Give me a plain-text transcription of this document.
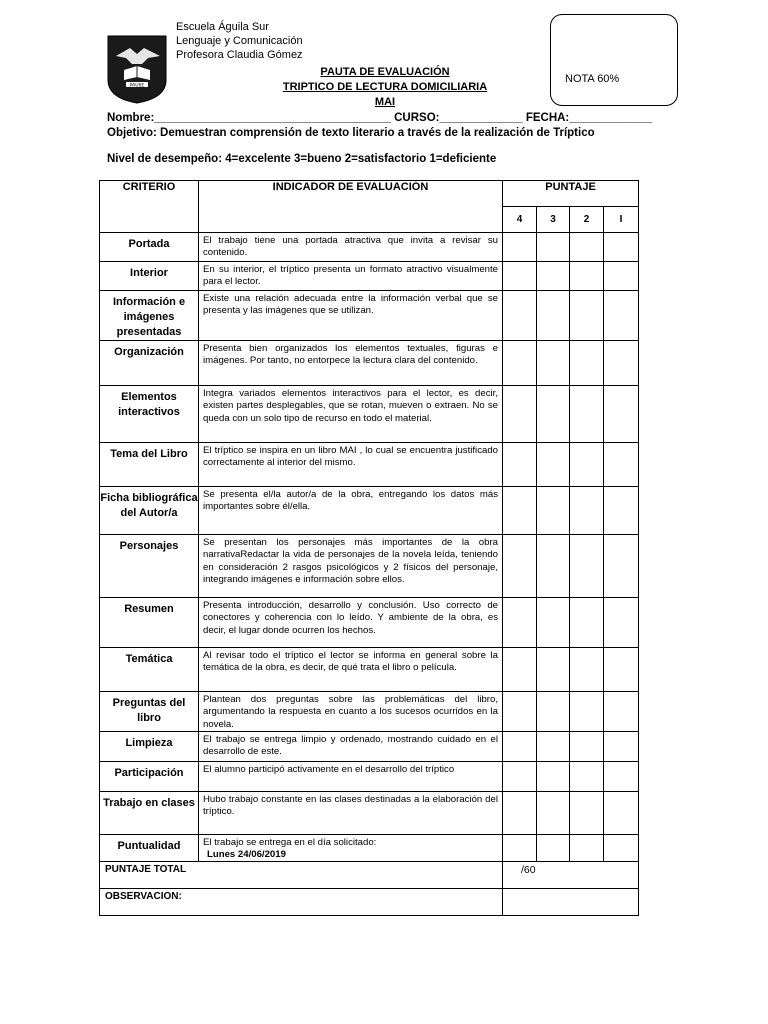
PAUSE
Escuela Águila Sur
Lenguaje y Comunicación
Profesora Claudia Gómez
NOTA 60%
PAUTA DE EVALUACIÓN
TRIPTICO DE LECTURA DOMICILIARIA
MAI
Nombre:_____________________________________ CURSO:_____________ FECHA:_____________
Objetivo: Demuestran comprensión de texto literario a través de la realización de Tríptico
Nivel de desempeño: 4=excelente 3=bueno 2=satisfactorio 1=deficiente
CRITERIO	INDICADOR DE EVALUACIÓN	PUNTAJE			
		4	3	2	I
Portada	El trabajo tiene una portada atractiva que invita a revisar su contenido.				
Interior	En su interior, el tríptico presenta un formato atractivo visualmente para el lector.				
Información e imágenes presentadas	Existe una relación adecuada entre la información verbal que se presenta y las imágenes que se utilizan.				
Organización	Presenta bien organizados los elementos textuales, figuras e imágenes. Por tanto, no entorpece la lectura clara del contenido.				
Elementos interactivos	Integra variados elementos interactivos para el lector, es decir, existen partes desplegables, que se rotan, mueven o extraen. No se queda con un solo tipo de recurso en todo el material.				
Tema del Libro	El tríptico se inspira en un libro MAI , lo cual se encuentra justificado correctamente al interior del mismo.				
Ficha bibliográfica del Autor/a	Se presenta el/la autor/a de la obra, entregando los datos más importantes sobre él/ella.				
Personajes	Se presentan los personajes más importantes de la obra narrativaRedactar la vida de personajes de la novela leída, teniendo en consideración 2 rasgos psicológicos y 2 físicos del personaje, integrando imágenes e información sobre ellos.				
Resumen	Presenta introducción, desarrollo y conclusión. Uso correcto de conectores y coherencia con lo leído. Y ambiente de la obra, es decir, el lugar donde ocurren los hechos.				
Temática	Al revisar todo el tríptico el lector se informa en general sobre la temática de la obra, es decir, de qué trata el libro o película.				
Preguntas del libro	Plantean dos preguntas sobre las problemáticas del libro, argumentando la respuesta en cuanto a los sucesos ocurridos en la novela.				
Limpieza	El trabajo se entrega limpio y ordenado, mostrando cuidado en el desarrollo de este.				
Participación	El alumno participó activamente en el desarrollo del tríptico				
Trabajo en clases	Hubo trabajo constante en las clases destinadas a la elaboración del tríptico.				
Puntualidad	El trabajo se entrega en el día solicitado:
Lunes 24/06/2019				

PUNTAJE TOTAL		/60			
OBSERVACION:					
